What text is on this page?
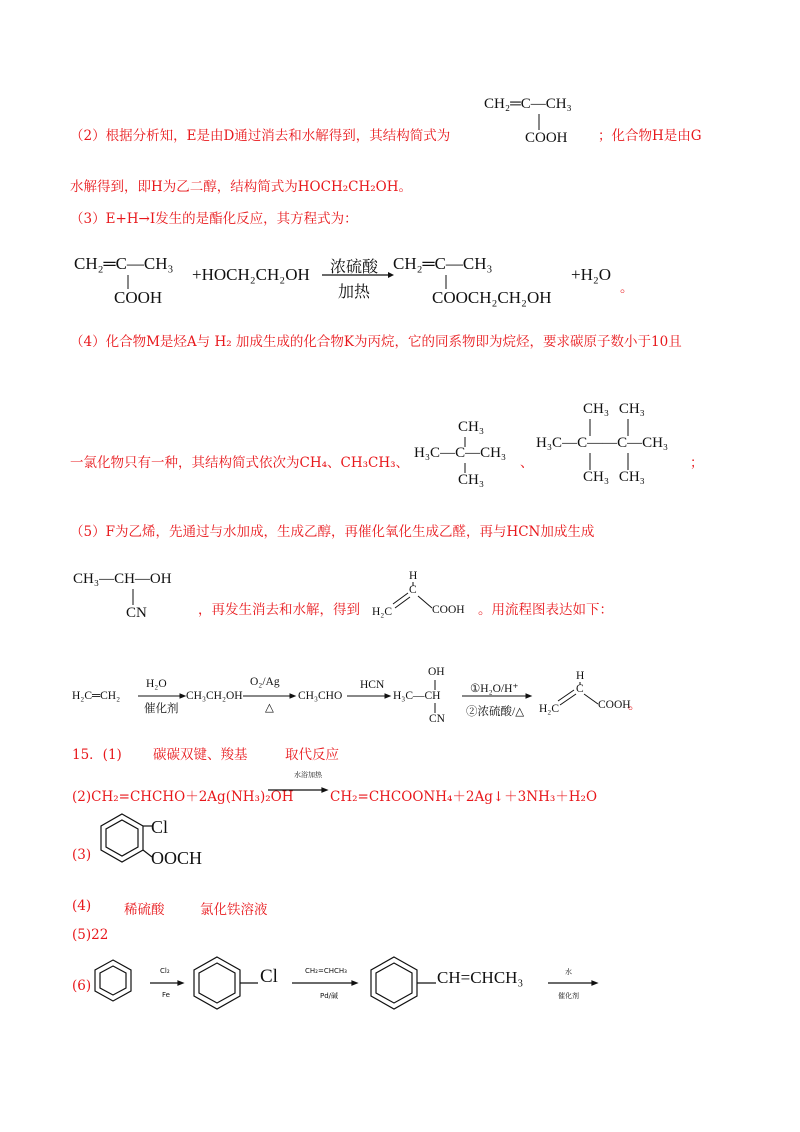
CH₂═C—CH₃
COOH
（2）根据分析知，E是由D通过消去和水解得到，其结构简式为	；化合物H是由G
水解得到，即H为乙二醇，结构简式为HOCH₂CH₂OH。
（3）E+H→I发生的是酯化反应，其方程式为：
CH₂═C—CH₃
COOH
+HOCH₂CH₂OH 浓硫酸
加热
CH₂═C—CH₃
COOCH₂CH₂OH
+H₂O
。
（4）化合物M是烃A与 H₂ 加成生成的化合物K为丙烷，它的同系物即为烷烃，要求碳原子数小于10且
一氯化物只有一种，其结构简式依次为CH₄、CH₃CH₃、
CH₃
H₃C—C—CH₃
CH₃
、
CH₃ CH₃
H₃C—C——C—CH₃
CH₃ CH₃
；
（5）F为乙烯，先通过与水加成，生成乙醇，再催化氧化生成乙醛，再与HCN加成生成
CH₃—CH—OH
CN	，再发生消去和水解，得到
H
C
H₂C	COOH 。用流程图表达如下：
H₂C═CH₂
H₂O
催化剂
CH₃CH₂OH
O₂/Ag
△
CH₃CHO
HCN
OH
H₃C—CH
CN
①H₂O/H⁺
②浓硫酸/△
H
C
H₂C	COOH
。
15．(1) 碳碳双键、羧基	取代反应
(2)CH₂=CHCHO＋2Ag(NH₃)₂OH
水浴加热
CH₂=CHCOONH₄＋2Ag↓＋3NH₃＋H₂O
(3)
Cl
OOCH
(4) 稀硫酸	氯化铁溶液
(5)22
(6)
Cl₂
Fe
Cl	CH₂=CHCH₃
Pd/碱
CH=CHCH₃	水
催化剂
